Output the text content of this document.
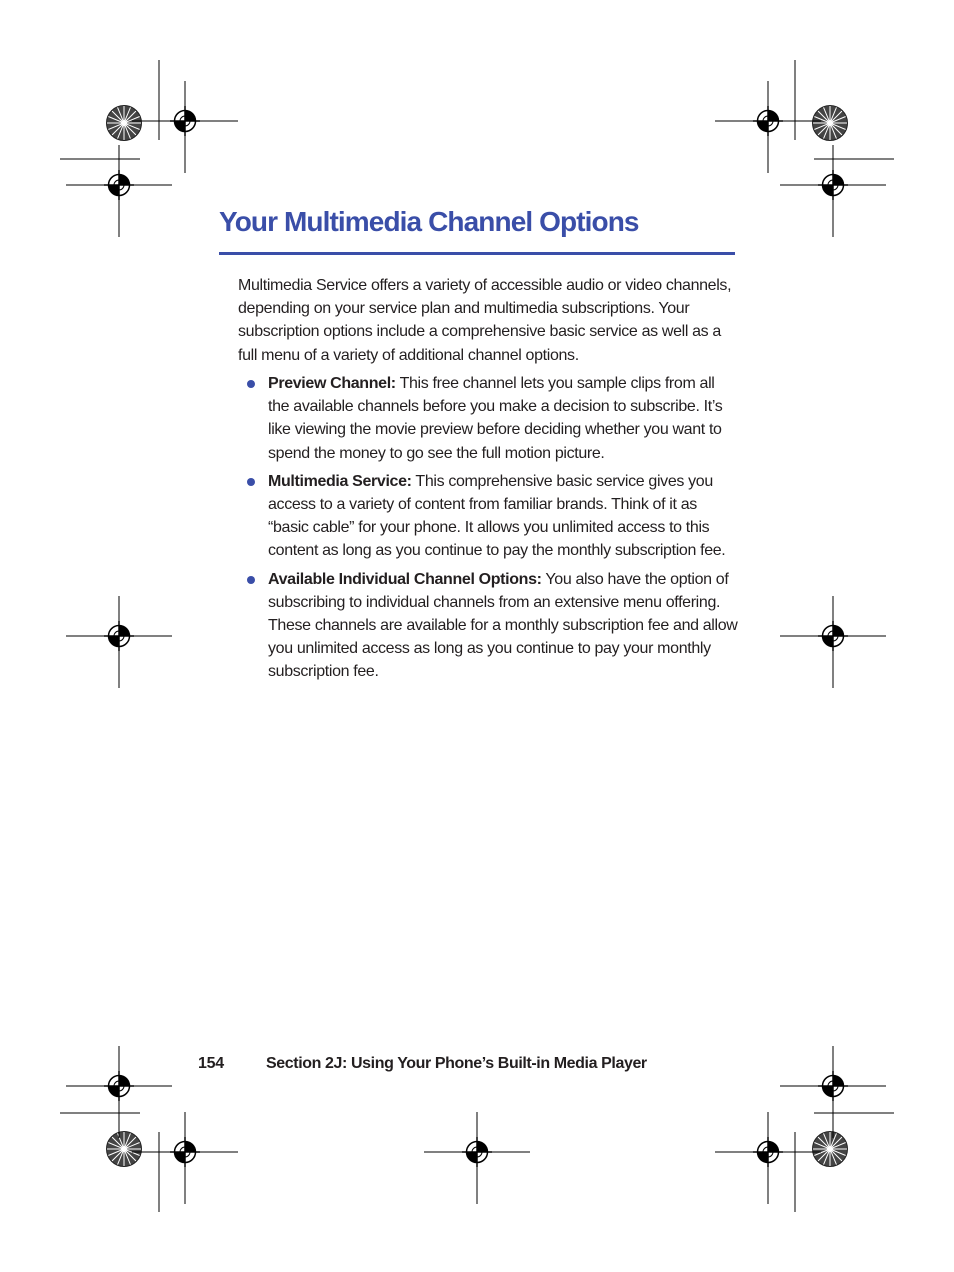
Your Multimedia Channel Options

Multimedia Service offers a variety of accessible audio or video channels, depending on your service plan and multimedia subscriptions. Your subscription options include a comprehensive basic service as well as a full menu of a variety of additional channel options.

Preview Channel: This free channel lets you sample clips from all the available channels before you make a decision to subscribe. It’s like viewing the movie preview before deciding whether you want to spend the money to go see the full motion picture.
Multimedia Service: This comprehensive basic service gives you access to a variety of content from familiar brands. Think of it as “basic cable” for your phone. It allows you unlimited access to this content as long as you continue to pay the monthly subscription fee.
Available Individual Channel Options: You also have the option of subscribing to individual channels from an extensive menu offering. These channels are available for a monthly subscription fee and allow you unlimited access as long as you continue to pay your monthly subscription fee.
154	Section 2J: Using Your Phone’s Built-in Media Player
